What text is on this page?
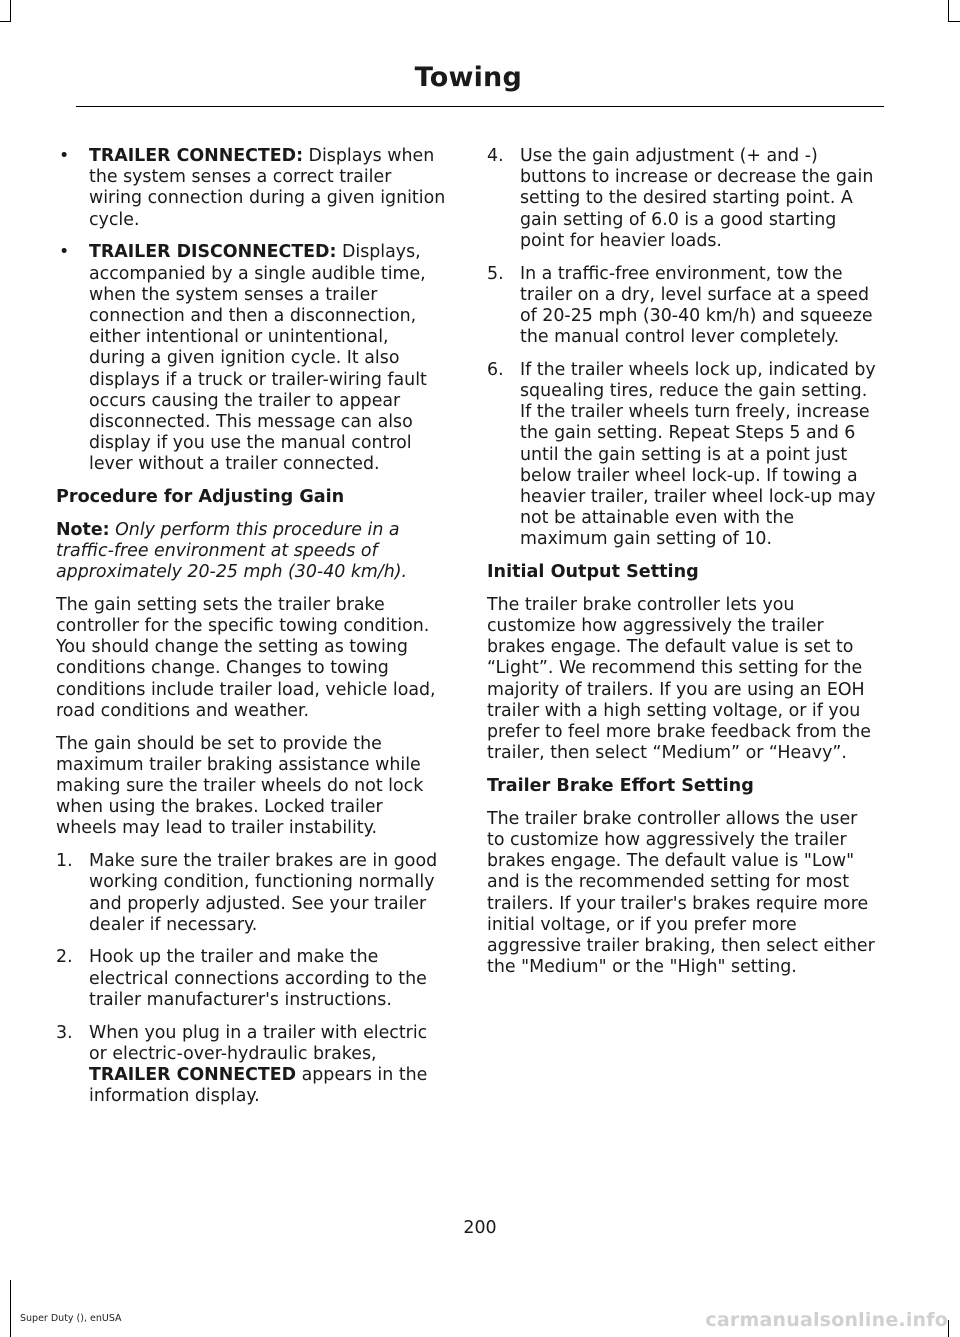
Towing
• TRAILER CONNECTED: Displays when the system senses a correct trailer wiring connection during a given ignition cycle.
• TRAILER DISCONNECTED: Displays, accompanied by a single audible time, when the system senses a trailer connection and then a disconnection, either intentional or unintentional, during a given ignition cycle. It also displays if a truck or trailer-wiring fault occurs causing the trailer to appear disconnected. This message can also display if you use the manual control lever without a trailer connected.
Procedure for Adjusting Gain

Note: Only perform this procedure in a traffic-free environment at speeds of approximately 20-25 mph (30-40 km/h).

The gain setting sets the trailer brake controller for the specific towing condition. You should change the setting as towing conditions change. Changes to towing conditions include trailer load, vehicle load, road conditions and weather.

The gain should be set to provide the maximum trailer braking assistance while making sure the trailer wheels do not lock when using the brakes. Locked trailer wheels may lead to trailer instability.

1. Make sure the trailer brakes are in good working condition, functioning normally and properly adjusted. See your trailer dealer if necessary.
2. Hook up the trailer and make the electrical connections according to the trailer manufacturer's instructions.
3. When you plug in a trailer with electric or electric-over-hydraulic brakes, TRAILER CONNECTED appears in the information display.
4. Use the gain adjustment (+ and -) buttons to increase or decrease the gain setting to the desired starting point. A gain setting of 6.0 is a good starting point for heavier loads.
5. In a traffic-free environment, tow the trailer on a dry, level surface at a speed of 20-25 mph (30-40 km/h) and squeeze the manual control lever completely.
6. If the trailer wheels lock up, indicated by squealing tires, reduce the gain setting. If the trailer wheels turn freely, increase the gain setting. Repeat Steps 5 and 6 until the gain setting is at a point just below trailer wheel lock-up. If towing a heavier trailer, trailer wheel lock-up may not be attainable even with the maximum gain setting of 10.
Initial Output Setting

The trailer brake controller lets you customize how aggressively the trailer brakes engage. The default value is set to “Light”. We recommend this setting for the majority of trailers. If you are using an EOH trailer with a high setting voltage, or if you prefer to feel more brake feedback from the trailer, then select “Medium” or “Heavy”.

Trailer Brake Effort Setting

The trailer brake controller allows the user to customize how aggressively the trailer brakes engage. The default value is "Low" and is the recommended setting for most trailers. If your trailer's brakes require more initial voltage, or if you prefer more aggressive trailer braking, then select either the "Medium" or the "High" setting.

200
Super Duty (), enUSA	carmanualsonline.info
